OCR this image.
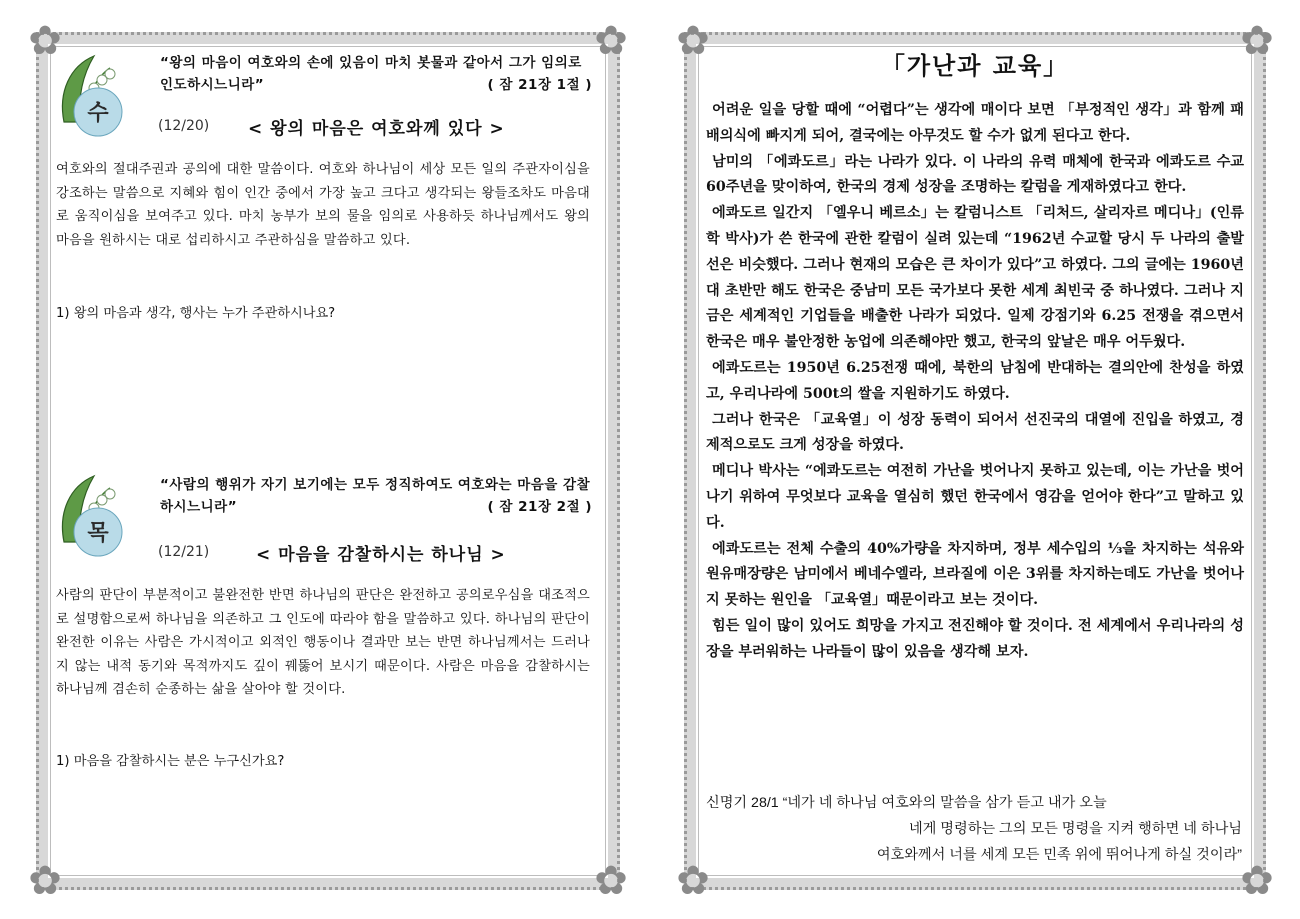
✿	✿
✿	✿
수
“왕의 마음이 여호와의 손에 있음이 마치 봇물과 같아서 그가 임의로 인도하시느니라”	( 잠 21장 1절 )
(12/20) < 왕의 마음은 여호와께 있다 >
여호와의 절대주권과 공의에 대한 말씀이다. 여호와 하나님이 세상 모든 일의 주관자이심을 강조하는 말씀으로 지혜와 힘이 인간 중에서 가장 높고 크다고 생각되는 왕들조차도 마음대로 움직이심을 보여주고 있다. 마치 농부가 보의 물을 임의로 사용하듯 하나님께서도 왕의 마음을 원하시는 대로 섭리하시고 주관하심을 말씀하고 있다.
1) 왕의 마음과 생각, 행사는 누가 주관하시나요?
목
“사람의 행위가 자기 보기에는 모두 정직하여도 여호와는 마음을 감찰하시느니라”	( 잠 21장 2절 )
(12/21)	< 마음을 감찰하시는 하나님 >
사람의 판단이 부분적이고 불완전한 반면 하나님의 판단은 완전하고 공의로우심을 대조적으로 설명함으로써 하나님을 의존하고 그 인도에 따라야 함을 말씀하고 있다. 하나님의 판단이 완전한 이유는 사람은 가시적이고 외적인 행동이나 결과만 보는 반면 하나님께서는 드러나지 않는 내적 동기와 목적까지도 깊이 꿰뚫어 보시기 때문이다. 사람은 마음을 감찰하시는 하나님께 겸손히 순종하는 삶을 살아야 할 것이다.
1) 마음을 감찰하시는 분은 누구신가요?
✿	✿
✿	✿
「가난과 교육」

어려운 일을 당할 때에 “어렵다”는 생각에 매이다 보면 「부정적인 생각」과 함께 패배의식에 빠지게 되어, 결국에는 아무것도 할 수가 없게 된다고 한다.

남미의 「에콰도르」라는 나라가 있다. 이 나라의 유력 매체에 한국과 에콰도르 수교 60주년을 맞이하여, 한국의 경제 성장을 조명하는 칼럼을 게재하였다고 한다.

에콰도르 일간지 「엘우니 베르소」는 칼럼니스트 「리처드, 살리자르 메디나」(인류학 박사)가 쓴 한국에 관한 칼럼이 실려 있는데 “1962년 수교할 당시 두 나라의 출발선은 비슷했다. 그러나 현재의 모습은 큰 차이가 있다”고 하였다. 그의 글에는 1960년대 초반만 해도 한국은 중남미 모든 국가보다 못한 세계 최빈국 중 하나였다. 그러나 지금은 세계적인 기업들을 배출한 나라가 되었다. 일제 강점기와 6.25 전쟁을 겪으면서 한국은 매우 불안정한 농업에 의존해야만 했고, 한국의 앞날은 매우 어두웠다.

에콰도르는 1950년 6.25전쟁 때에, 북한의 남침에 반대하는 결의안에 찬성을 하였고, 우리나라에 500t의 쌀을 지원하기도 하였다.

그러나 한국은 「교육열」이 성장 동력이 되어서 선진국의 대열에 진입을 하였고, 경제적으로도 크게 성장을 하였다.

메디나 박사는 “에콰도르는 여전히 가난을 벗어나지 못하고 있는데, 이는 가난을 벗어나기 위하여 무엇보다 교육을 열심히 했던 한국에서 영감을 얻어야 한다”고 말하고 있다.

에콰도르는 전체 수출의 40%가량을 차지하며, 정부 세수입의 ⅓을 차지하는 석유와 원유매장량은 남미에서 베네수엘라, 브라질에 이은 3위를 차지하는데도 가난을 벗어나지 못하는 원인을 「교육열」때문이라고 보는 것이다.

힘든 일이 많이 있어도 희망을 가지고 전진해야 할 것이다. 전 세계에서 우리나라의 성장을 부러워하는 나라들이 많이 있음을 생각해 보자.

신명기 28/1 “네가 네 하나님 여호와의 말씀을 삼가 듣고 내가 오늘
네게 명령하는 그의 모든 명령을 지켜 행하면 네 하나님
여호와께서 너를 세계 모든 민족 위에 뛰어나게 하실 것이라”
